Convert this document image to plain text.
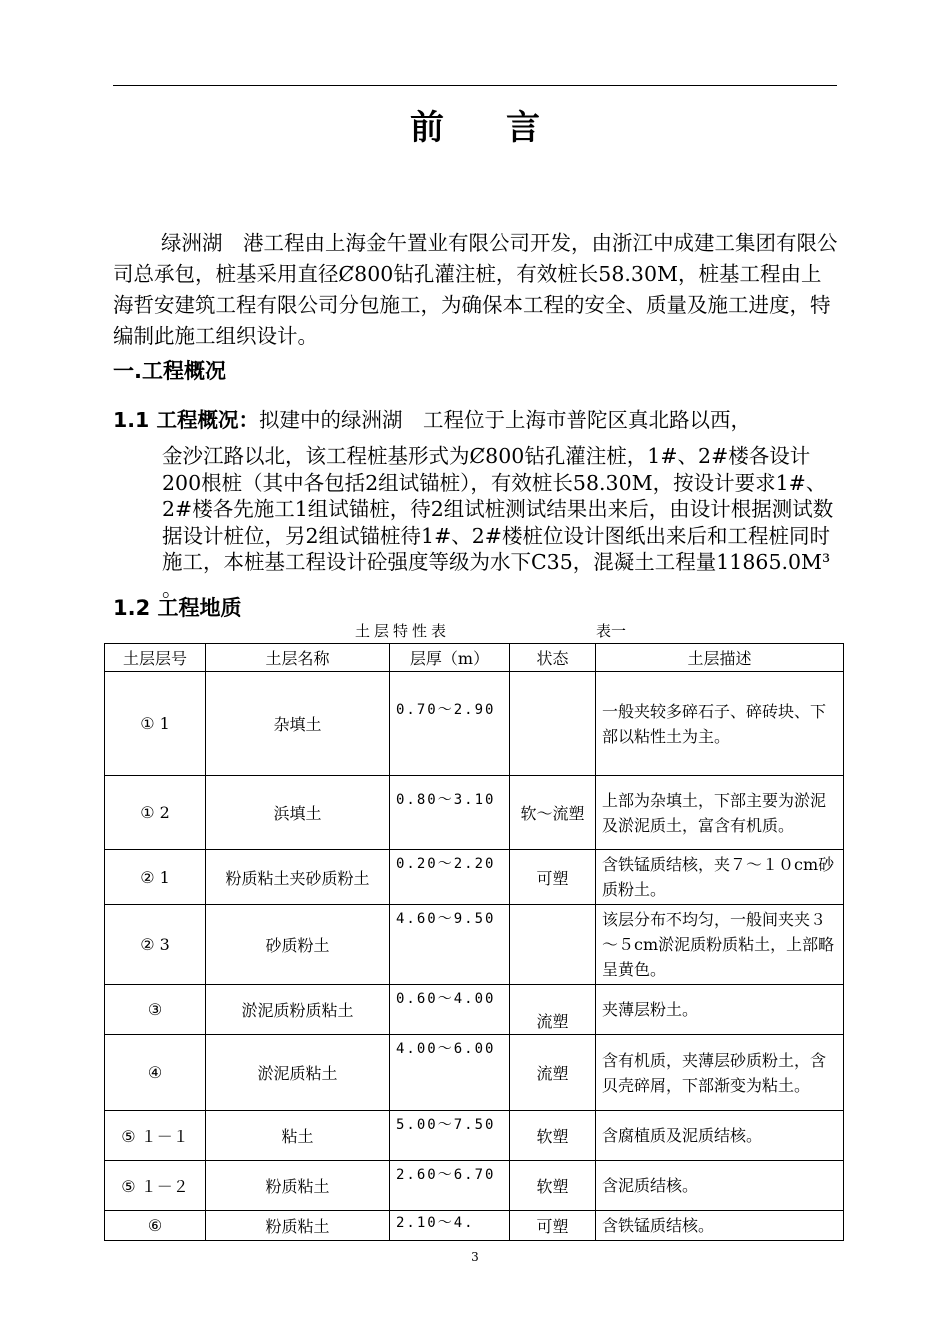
前言

绿洲湖　港工程由上海金午置业有限公司开发，由浙江中成建工集团有限公司总承包，桩基采用直径Ȼ800钻孔灌注桩，有效桩长58.30M，桩基工程由上海哲安建筑工程有限公司分包施工，为确保本工程的安全、质量及施工进度，特编制此施工组织设计。

一.工程概况
1.1 工程概况：拟建中的绿洲湖　工程位于上海市普陀区真北路以西，
金沙江路以北，该工程桩基形式为Ȼ800钻孔灌注桩，1#、2#楼各设计200根桩（其中各包括2组试锚桩），有效桩长58.30M，按设计要求1#、2#楼各先施工1组试锚桩，待2组试桩测试结果出来后，由设计根据测试数据设计桩位，另2组试锚桩待1#、2#楼桩位设计图纸出来后和工程桩同时施工，本桩基工程设计砼强度等级为水下C35，混凝土工程量11865.0M³ 。
1.2 工程地质
土层特性表	表一
土层层号	土层名称	层厚（m）	状态	土层描述
① 1	杂填土	0.70～2.90		一般夹较多碎石子、碎砖块、下部以粘性土为主。
① 2	浜填土	0.80～3.10	软～流塑	上部为杂填土，下部主要为淤泥及淤泥质土，富含有机质。
② 1	粉质粘土夹砂质粉土	0.20～2.20	可塑	含铁锰质结核，夹７～１０cm砂质粉土。
② 3	砂质粉土	4.60～9.50		该层分布不均匀，一般间夹夹３～５cm淤泥质粉质粘土，上部略呈黄色。
③	淤泥质粉质粘土	0.60～4.00	流塑	夹薄层粉土。
④	淤泥质粘土	4.00～6.00	流塑	含有机质，夹薄层砂质粉土，含贝壳碎屑，下部渐变为粘土。
⑤ １－１	粘土	5.00～7.50	软塑	含腐植质及泥质结核。
⑤ １－２	粉质粘土	2.60～6.70	软塑	含泥质结核。
⑥	粉质粘土	2.10～4.	可塑	含铁锰质结核。
3
